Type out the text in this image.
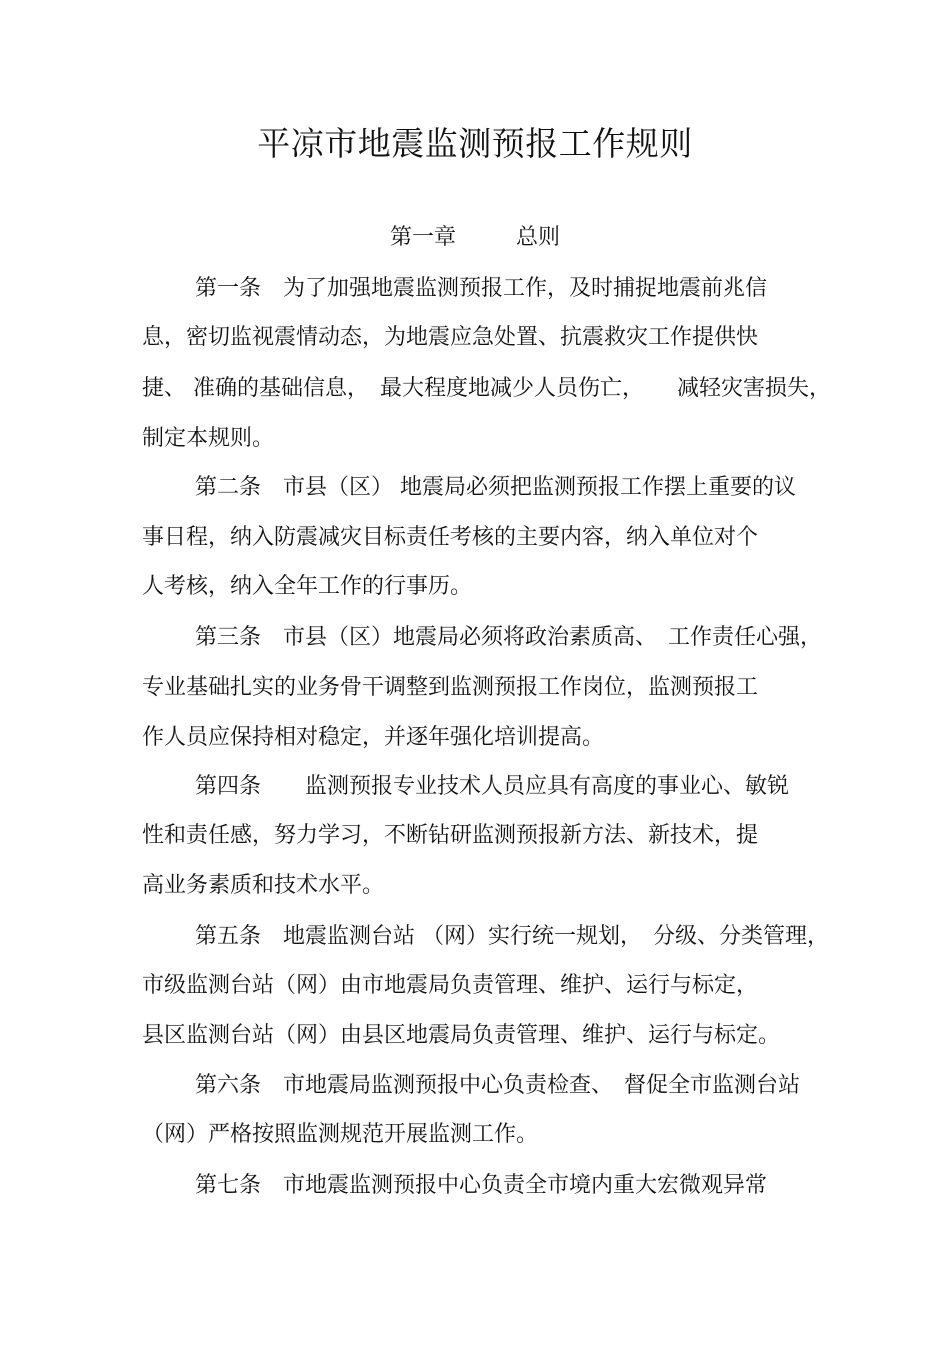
平凉市地震监测预报工作规则
第一章	总则

第一条　为了加强地震监测预报工作，及时捕捉地震前兆信

息，密切监视震情动态，为地震应急处置、抗震救灾工作提供快

捷、 准确的基础信息，　最大程度地减少人员伤亡，　　减轻灾害损失，

制定本规则。

第二条　市县（区） 地震局必须把监测预报工作摆上重要的议

事日程，纳入防震减灾目标责任考核的主要内容，纳入单位对个

人考核，纳入全年工作的行事历。

第三条　市县（区）地震局必须将政治素质高、　工作责任心强，

专业基础扎实的业务骨干调整到监测预报工作岗位，监测预报工

作人员应保持相对稳定，并逐年强化培训提高。

第四条　　监测预报专业技术人员应具有高度的事业心、敏锐

性和责任感，努力学习，不断钻研监测预报新方法、新技术，提

高业务素质和技术水平。

第五条　地震监测台站 （网）实行统一规划，　分级、分类管理，

市级监测台站（网）由市地震局负责管理、维护、运行与标定，

县区监测台站（网）由县区地震局负责管理、维护、运行与标定。

第六条　市地震局监测预报中心负责检查、　督促全市监测台站

（网）严格按照监测规范开展监测工作。

第七条　市地震监测预报中心负责全市境内重大宏微观异常
